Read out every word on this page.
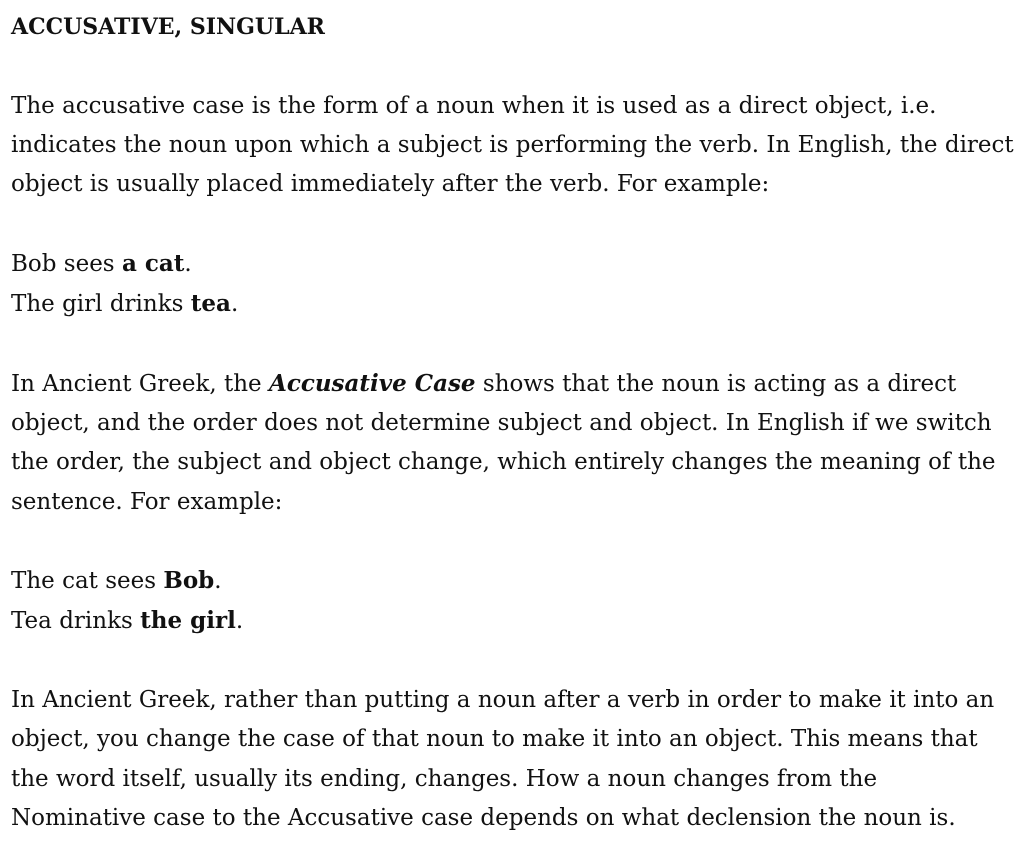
ACCUSATIVE, SINGULAR

The accusative case is the form of a noun when it is used as a direct object, i.e. indicates the noun upon which a subject is performing the verb. In English, the direct object is usually placed immediately after the verb. For example:

Bob sees a cat.
The girl drinks tea.

In Ancient Greek, the Accusative Case shows that the noun is acting as a direct object, and the order does not determine subject and object. In English if we switch the order, the subject and object change, which entirely changes the meaning of the sentence. For example:

The cat sees Bob.
Tea drinks the girl.

In Ancient Greek, rather than putting a noun after a verb in order to make it into an object, you change the case of that noun to make it into an object. This means that the word itself, usually its ending, changes. How a noun changes from the Nominative case to the Accusative case depends on what declension the noun is.
